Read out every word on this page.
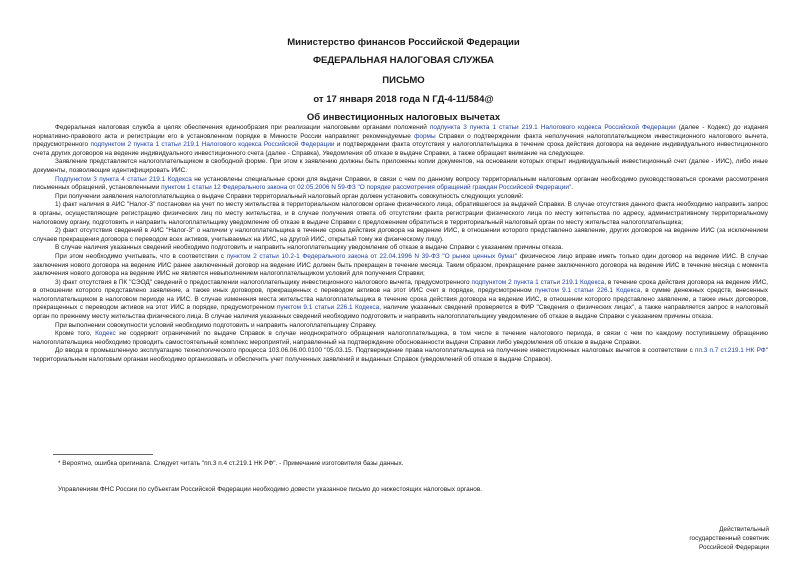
Министерство финансов Российской Федерации
ФЕДЕРАЛЬНАЯ НАЛОГОВАЯ СЛУЖБА
ПИСЬМО
от 17 января 2018 года N ГД-4-11/584@
Об инвестиционных налоговых вычетах

Федеральная налоговая служба в целях обеспечения единообразия при реализации налоговыми органами положений подпункта 3 пункта 1 статьи 219.1 Налогового кодекса Российской Федерации (далее - Кодекс) до издания нормативно-правового акта и регистрации его в установленном порядке в Минюсте России направляет рекомендуемые формы Справки о подтверждении факта неполучения налогоплательщиком инвестиционного налогового вычета, предусмотренного подпунктом 2 пункта 1 статьи 219.1 Налогового кодекса Российской Федерации и подтверждении факта отсутствия у налогоплательщика в течение срока действия договора на ведение индивидуального инвестиционного счета других договоров на ведение индивидуального инвестиционного счета (далее - Справка), Уведомления об отказе в выдаче Справки, а также обращает внимание на следующее.

Заявление представляется налогоплательщиком в свободной форме. При этом к заявлению должны быть приложены копии документов, на основании которых открыт индивидуальный инвестиционный счет (далее - ИИС), либо иные документы, позволяющие идентифицировать ИИС.

Подпунктом 3 пункта 4 статьи 219.1 Кодекса не установлены специальные сроки для выдачи Справки, в связи с чем по данному вопросу территориальным налоговым органам необходимо руководствоваться сроками рассмотрения письменных обращений, установленными пунктом 1 статьи 12 Федерального закона от 02.05.2006 N 59-ФЗ "О порядке рассмотрения обращений граждан Российской Федерации".

При получении заявления налогоплательщика о выдаче Справки территориальный налоговый орган должен установить совокупность следующих условий:

1) факт наличия в АИС "Налог-3" постановки на учет по месту жительства в территориальном налоговом органе физического лица, обратившегося за выдачей Справки. В случае отсутствия данного факта необходимо направить запрос в органы, осуществляющие регистрацию физических лиц по месту жительства, и в случае получения ответа об отсутствии факта регистрации физического лица по месту жительства по адресу, административному территориальному налоговому органу, подготовить и направить налогоплательщику уведомление об отказе в выдаче Справки с предложением обратиться в территориальный налоговый орган по месту жительства налогоплательщика;

2) факт отсутствия сведений в АИС "Налог-3" о наличии у налогоплательщика в течение срока действия договора на ведение ИИС, в отношении которого представлено заявление, других договоров на ведение ИИС (за исключением случаев прекращения договора с переводом всех активов, учитываемых на ИИС, на другой ИИС, открытый тому же физическому лицу).

В случае наличия указанных сведений необходимо подготовить и направить налогоплательщику уведомление об отказе в выдаче Справки с указанием причины отказа.

При этом необходимо учитывать, что в соответствии с пунктом 2 статьи 10.2-1 Федерального закона от 22.04.1996 N 39-ФЗ "О рынке ценных бумаг" физическое лицо вправе иметь только один договор на ведение ИИС. В случае заключения нового договора на ведение ИИС ранее заключенный договор на ведение ИИС должен быть прекращен в течение месяца. Таким образом, прекращение ранее заключенного договора на ведение ИИС в течение месяца с момента заключения нового договора на ведение ИИС не является невыполнением налогоплательщиком условий для получения Справки;

3) факт отсутствия в ПК "СЭОД" сведений о предоставлении налогоплательщику инвестиционного налогового вычета, предусмотренного подпунктом 2 пункта 1 статьи 219.1 Кодекса, в течение срока действия договора на ведение ИИС, в отношении которого представлено заявление, а также иных договоров, прекращенных с переводом активов на этот ИИС счет в порядке, предусмотренном пунктом 9.1 статьи 226.1 Кодекса, в сумме денежных средств, внесенных налогоплательщиком в налоговом периоде на ИИС. В случае изменения места жительства налогоплательщика в течение срока действия договора на ведение ИИС, в отношении которого представлено заявление, а также иных договоров, прекращенных с переводом активов на этот ИИС в порядке, предусмотренном пунктом 9.1 статьи 226.1 Кодекса, наличие указанных сведений проверяется в ФИР "Сведения о физических лицах", а также направляется запрос в налоговый орган по прежнему месту жительства физического лица. В случае наличия указанных сведений необходимо подготовить и направить налогоплательщику уведомление об отказе в выдаче Справки с указанием причины отказа.

При выполнении совокупности условий необходимо подготовить и направить налогоплательщику Справку.

Кроме того, Кодекс не содержит ограничений по выдаче Справок в случае неоднократного обращения налогоплательщика, в том числе в течение налогового периода, в связи с чем по каждому поступившему обращению налогоплательщика необходимо проводить самостоятельный комплекс мероприятий, направленный на подтверждение обоснованности выдачи Справки либо уведомления об отказе в выдаче Справки.

До ввода в промышленную эксплуатацию технологического процесса 103.06.06.00.0100 "05.03.15. Подтверждение права налогоплательщика на получение инвестиционных налоговых вычетов в соответствии с пп.3 п.7 ст.219.1 НК РФ" территориальным налоговым органам необходимо организовать и обеспечить учет полученных заявлений и выданных Справок (уведомлений об отказе в выдаче Справок).

* Вероятно, ошибка оригинала. Следует читать "пп.3 п.4 ст.219.1 НК РФ". - Примечание изготовителя базы данных.

Управлениям ФНС России по субъектам Российской Федерации необходимо довести указанное письмо до нижестоящих налоговых органов.

Действительный
государственный советник
Российской Федерации
